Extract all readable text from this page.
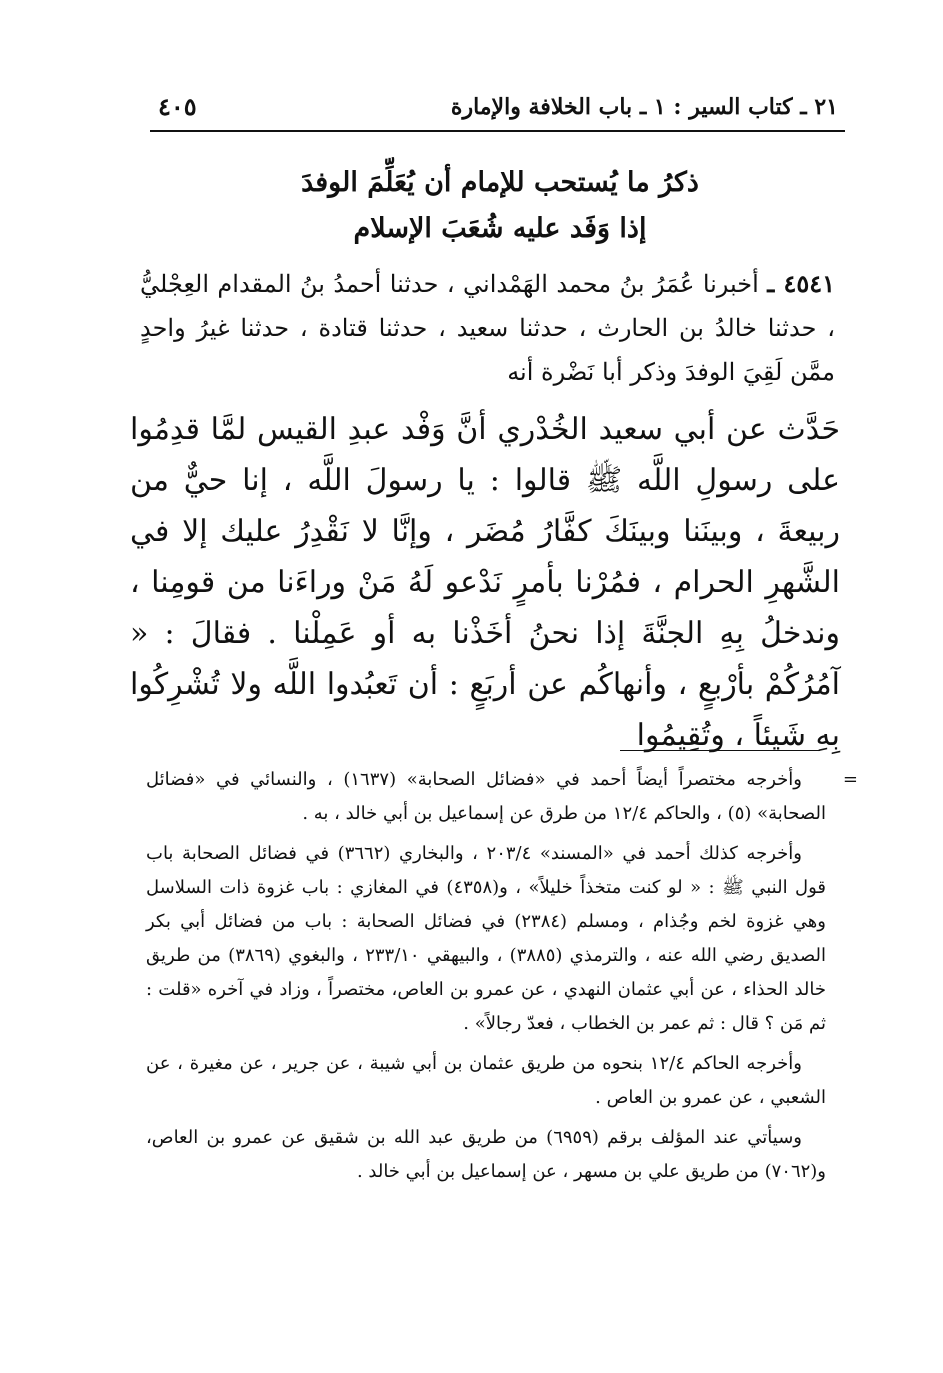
٢١ ـ كتاب السير : ١ ـ باب الخلافة والإمارة
٤٠٥
ذكرُ ما يُستحب للإمام أن يُعَلِّمَ الوفدَ
إذا وَفَد عليه شُعَبَ الإسلام
٤٥٤١ ـ أخبرنا عُمَرُ بنُ محمد الهَمْداني ، حدثنا أحمدُ بنُ المقدام العِجْليُّ ، حدثنا خالدُ بن الحارث ، حدثنا سعيد ، حدثنا قتادة ، حدثنا غيرُ واحدٍ ممَّن لَقِيَ الوفدَ وذكر أبا نَضْرة أنه
حَدَّث عن أبي سعيد الخُدْري أنَّ وَفْد عبدِ القيس لمَّا قدِمُوا على رسولِ اللَّه ﷺ قالوا : يا رسولَ اللَّه ، إنا حيٌّ من ربيعةَ ، وبينَنا وبينَكَ كفَّارُ مُضَر ، وإنَّا لا نَقْدِرُ عليك إلا في الشَّهرِ الحرام ، فمُرْنا بأمرٍ نَدْعو لَهُ مَنْ وراءَنا من قومِنا ، وندخلُ بِهِ الجنَّةَ إذا نحنُ أخَذْنا به أو عَمِلْنا . فقالَ : « آمُرُكُمْ بأرْبعٍ ، وأنهاكُم عن أربَعٍ : أن تَعبُدوا اللَّه ولا تُشْرِكُوا بِهِ شَيئاً ، وتُقِيمُوا
=

وأخرجه مختصراً أيضاً أحمد في «فضائل الصحابة» (١٦٣٧) ، والنسائي في «فضائل الصحابة» (٥) ، والحاكم ١٢/٤ من طرق عن إسماعيل بن أبي خالد ، به .

وأخرجه كذلك أحمد في «المسند» ٢٠٣/٤ ، والبخاري (٣٦٦٢) في فضائل الصحابة باب قول النبي ﷺ : « لو كنت متخذاً خليلاً» ، و(٤٣٥٨) في المغازي : باب غزوة ذات السلاسل وهي غزوة لخم وجُذام ، ومسلم (٢٣٨٤) في فضائل الصحابة : باب من فضائل أبي بكر الصديق رضي الله عنه ، والترمذي (٣٨٨٥) ، والبيهقي ٢٣٣/١٠ ، والبغوي (٣٨٦٩) من طريق خالد الحذاء ، عن أبي عثمان النهدي ، عن عمرو بن العاص، مختصراً ، وزاد في آخره «قلت : ثم مَن ؟ قال : ثم عمر بن الخطاب ، فعدّ رجالاً» .

وأخرجه الحاكم ١٢/٤ بنحوه من طريق عثمان بن أبي شيبة ، عن جرير ، عن مغيرة ، عن الشعبي ، عن عمرو بن العاص .

وسيأتي عند المؤلف برقم (٦٩٥٩) من طريق عبد الله بن شقيق عن عمرو بن العاص، و(٧٠٦٢) من طريق علي بن مسهر ، عن إسماعيل بن أبي خالد .
